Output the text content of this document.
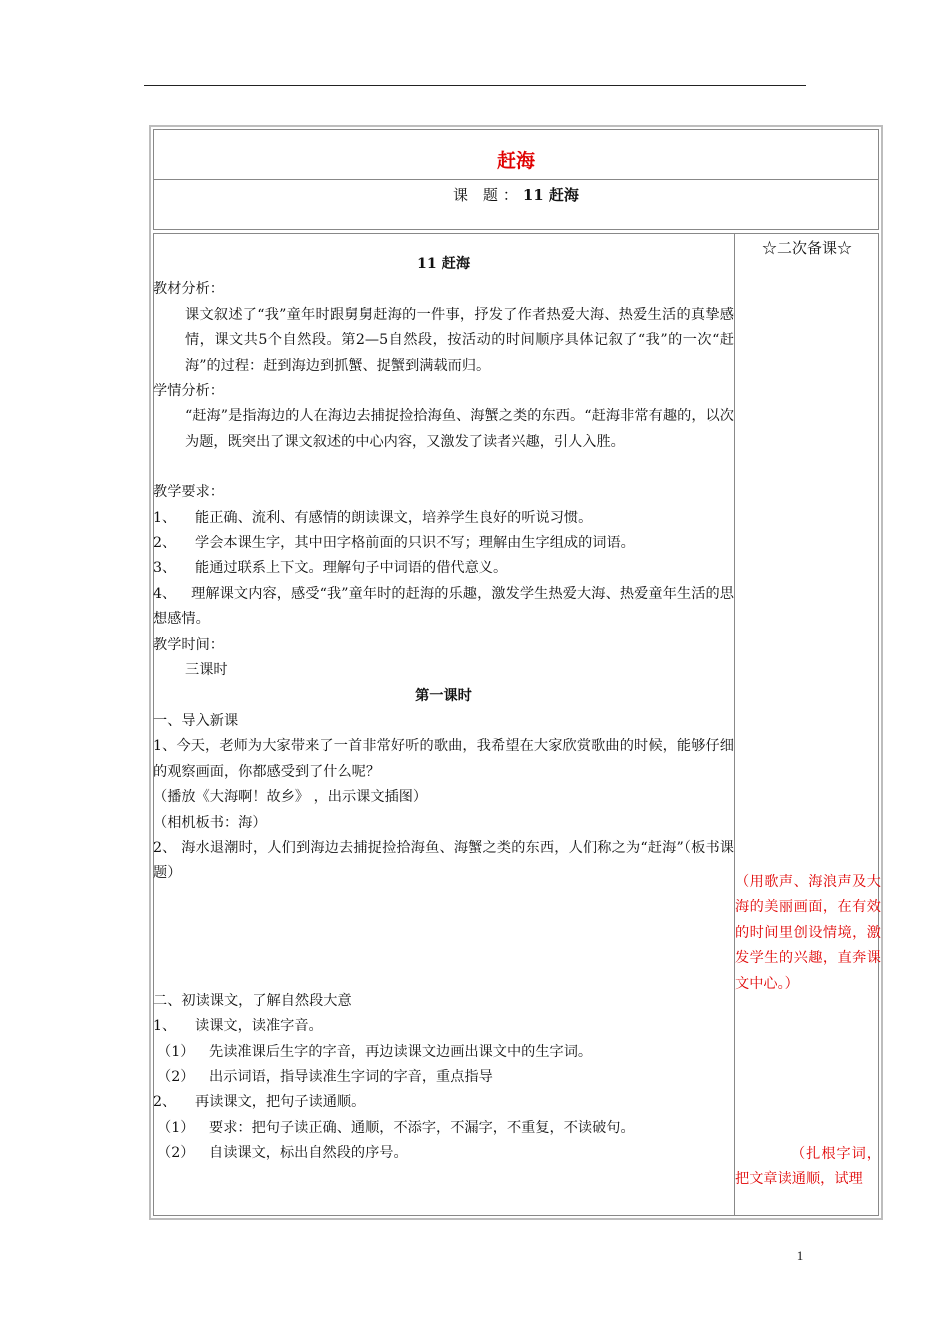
赶海
课 题：11 赶海
☆二次备课☆

11 赶海

教材分析：

课文叙述了“我”童年时跟舅舅赶海的一件事，抒发了作者热爱大海、热爱生活的真挚感情，课文共5个自然段。第2—5自然段，按活动的时间顺序具体记叙了“我”的一次“赶海”的过程：赶到海边到抓蟹、捉蟹到满载而归。

学情分析：

“赶海”是指海边的人在海边去捕捉捡拾海鱼、海蟹之类的东西。“赶海非常有趣的，以次为题，既突出了课文叙述的中心内容，又激发了读者兴趣，引人入胜。

教学要求：

1、 能正确、流利、有感情的朗读课文，培养学生良好的听说习惯。

2、 学会本课生字，其中田字格前面的只识不写；理解由生字组成的词语。

3、 能通过联系上下文。理解句子中词语的借代意义。

4、 理解课文内容，感受“我”童年时的赶海的乐趣，激发学生热爱大海、热爱童年生活的思想感情。

教学时间：

三课时

第一课时

一、导入新课

1、今天，老师为大家带来了一首非常好听的歌曲，我希望在大家欣赏歌曲的时候，能够仔细的观察画面，你都感受到了什么呢？

（播放《大海啊！故乡》 ，出示课文插图）

（相机板书：海）

2、 海水退潮时，人们到海边去捕捉捡拾海鱼、海蟹之类的东西，人们称之为“赶海”（板书课题）

二、初读课文，了解自然段大意

1、 读课文，读准字音。

（1） 先读准课后生字的字音，再边读课文边画出课文中的生字词。

（2） 出示词语，指导读准生字词的字音，重点指导

2、 再读课文，把句子读通顺。

（1） 要求：把句子读正确、通顺，不添字，不漏字，不重复，不读破句。

（2） 自读课文，标出自然段的序号。

（用歌声、海浪声及大海的美丽画面，在有效的时间里创设情境，激发学生的兴趣，直奔课文中心。）
（扎根字词，把文章读通顺，试理
1
